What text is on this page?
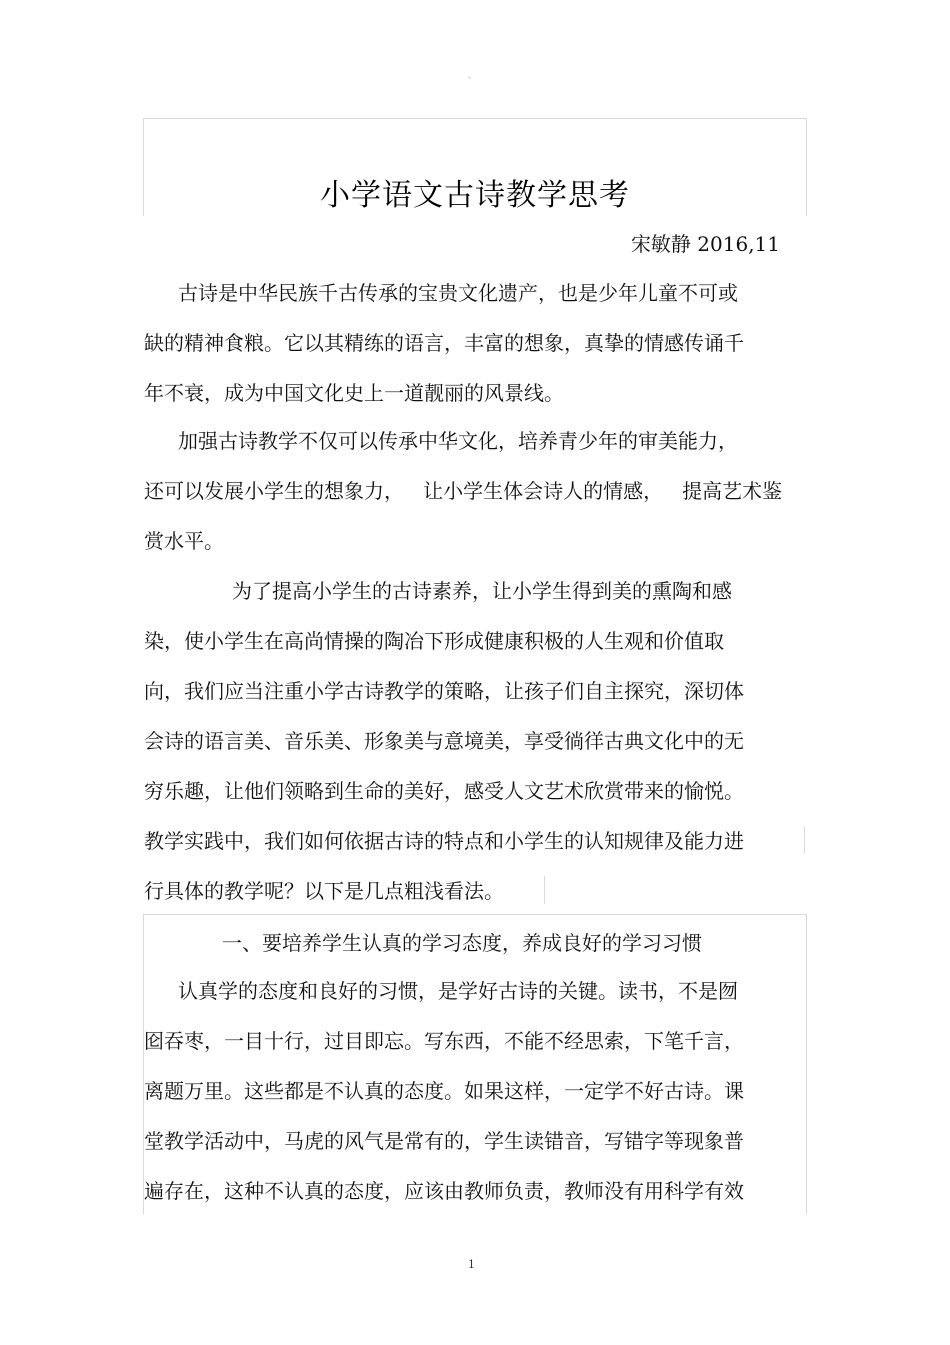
。
小学语文古诗教学思考
宋敏静 2016,11
古诗是中华民族千古传承的宝贵文化遗产，也是少年儿童不可或
缺的精神食粮。它以其精练的语言，丰富的想象，真挚的情感传诵千
年不衰，成为中国文化史上一道靓丽的风景线。
加强古诗教学不仅可以传承中华文化，培养青少年的审美能力，
还可以发展小学生的想象力，   让小学生体会诗人的情感，   提高艺术鉴
赏水平。
为了提高小学生的古诗素养，让小学生得到美的熏陶和感
染，使小学生在高尚情操的陶冶下形成健康积极的人生观和价值取
向，我们应当注重小学古诗教学的策略，让孩子们自主探究，深切体
会诗的语言美、音乐美、形象美与意境美，享受徜徉古典文化中的无
穷乐趣，让他们领略到生命的美好，感受人文艺术欣赏带来的愉悦。
教学实践中，我们如何依据古诗的特点和小学生的认知规律及能力进
行具体的教学呢？以下是几点粗浅看法。
一、要培养学生认真的学习态度，养成良好的学习习惯
认真学的态度和良好的习惯，是学好古诗的关键。读书，不是囫
囵吞枣，一目十行，过目即忘。写东西，不能不经思索，下笔千言，
离题万里。这些都是不认真的态度。如果这样，一定学不好古诗。课
堂教学活动中，马虎的风气是常有的，学生读错音，写错字等现象普
遍存在，这种不认真的态度，应该由教师负责，教师没有用科学有效
1
